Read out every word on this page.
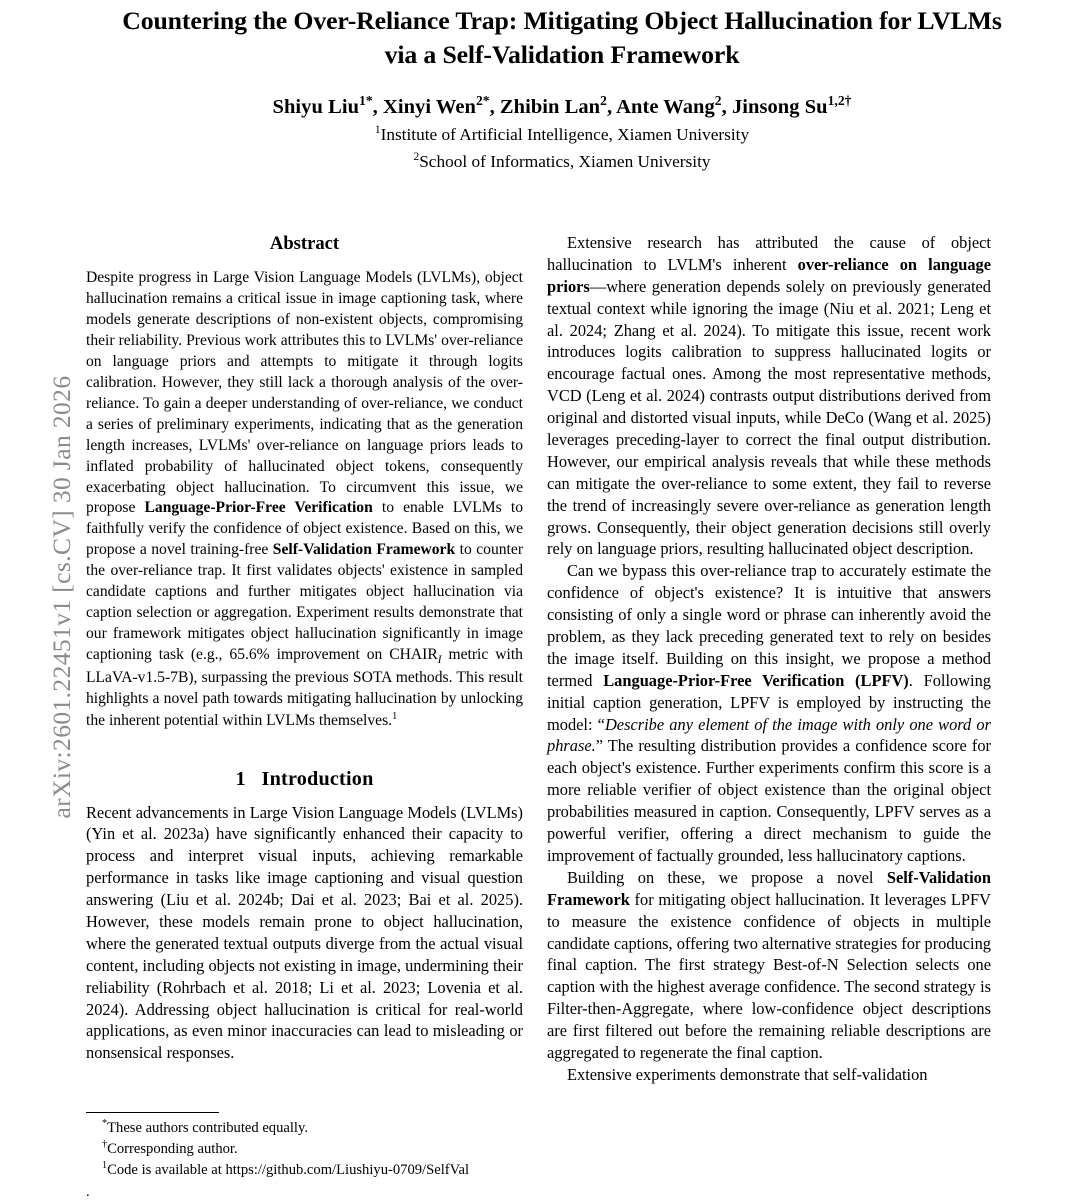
arXiv:2601.22451v1 [cs.CV] 30 Jan 2026
Countering the Over-Reliance Trap: Mitigating Object Hallucination for LVLMs
via a Self-Validation Framework
Shiyu Liu$^{1*}$, Xinyi Wen$^{2*}$, Zhibin Lan$^2$, Ante Wang$^2$, Jinsong $Su^{1,2\dagger}$
$^1$Institute of Artificial Intelligence, Xiamen University
$^2$School of Informatics, Xiamen University
Abstract

Despite progress in Large Vision Language Models (LVLMs), object hallucination remains a critical issue in image captioning task, where models generate descriptions of non-existent objects, compromising their reliability. Previous work attributes this to LVLMs' over-reliance on language priors and attempts to mitigate it through logits calibration. However, they still lack a thorough analysis of the over-reliance. To gain a deeper understanding of over-reliance, we conduct a series of preliminary experiments, indicating that as the generation length increases, LVLMs' over-reliance on language priors leads to inflated probability of hallucinated object tokens, consequently exacerbating object hallucination. To circumvent this issue, we propose Language-Prior-Free Verification to enable LVLMs to faithfully verify the confidence of object existence. Based on this, we propose a novel training-free Self-Validation Framework to counter the over-reliance trap. It first validates objects' existence in sampled candidate captions and further mitigates object hallucination via caption selection or aggregation. Experiment results demonstrate that our framework mitigates object hallucination significantly in image captioning task (e.g., 65.6% improvement on $CHAIR_I$ metric with LLaVA-v1.5-7B), surpassing the previous SOTA methods. This result highlights a novel path towards mitigating hallucination by unlocking the inherent potential within LVLMs themselves.$^1$

1   Introduction

Recent advancements in Large Vision Language Models (LVLMs) (Yin et al. 2023a) have significantly enhanced their capacity to process and interpret visual inputs, achieving remarkable performance in tasks like image captioning and visual question answering (Liu et al. 2024b; Dai et al. 2023; Bai et al. 2025). However, these models remain prone to object hallucination, where the generated textual outputs diverge from the actual visual content, including objects not existing in image, undermining their reliability (Rohrbach et al. 2018; Li et al. 2023; Lovenia et al. 2024). Addressing object hallucination is critical for real-world applications, as even minor inaccuracies can lead to misleading or nonsensical responses.

Extensive research has attributed the cause of object hallucination to LVLM's inherent over-reliance on language priors—where generation depends solely on previously generated textual context while ignoring the image (Niu et al. 2021; Leng et al. 2024; Zhang et al. 2024). To mitigate this issue, recent work introduces logits calibration to suppress hallucinated logits or encourage factual ones. Among the most representative methods, VCD (Leng et al. 2024) contrasts output distributions derived from original and distorted visual inputs, while DeCo (Wang et al. 2025) leverages preceding-layer to correct the final output distribution. However, our empirical analysis reveals that while these methods can mitigate the over-reliance to some extent, they fail to reverse the trend of increasingly severe over-reliance as generation length grows. Consequently, their object generation decisions still overly rely on language priors, resulting hallucinated object description.

Can we bypass this over-reliance trap to accurately estimate the confidence of object's existence? It is intuitive that answers consisting of only a single word or phrase can inherently avoid the problem, as they lack preceding generated text to rely on besides the image itself. Building on this insight, we propose a method termed Language-Prior-Free Verification (LPFV). Following initial caption generation, LPFV is employed by instructing the model: “Describe any element of the image with only one word or phrase.” The resulting distribution provides a confidence score for each object's existence. Further experiments confirm this score is a more reliable verifier of object existence than the original object probabilities measured in caption. Consequently, LPFV serves as a powerful verifier, offering a direct mechanism to guide the improvement of factually grounded, less hallucinatory captions.

Building on these, we propose a novel Self-Validation Framework for mitigating object hallucination. It leverages LPFV to measure the existence confidence of objects in multiple candidate captions, offering two alternative strategies for producing final caption. The first strategy Best-of-N Selection selects one caption with the highest average confidence. The second strategy is Filter-then-Aggregate, where low-confidence object descriptions are first filtered out before the remaining reliable descriptions are aggregated to regenerate the final caption.

Extensive experiments demonstrate that self-validation

*These authors contributed equally.

†Corresponding author.

$^1$Code is available at https://github.com/Liushiyu-0709/SelfVal

.
